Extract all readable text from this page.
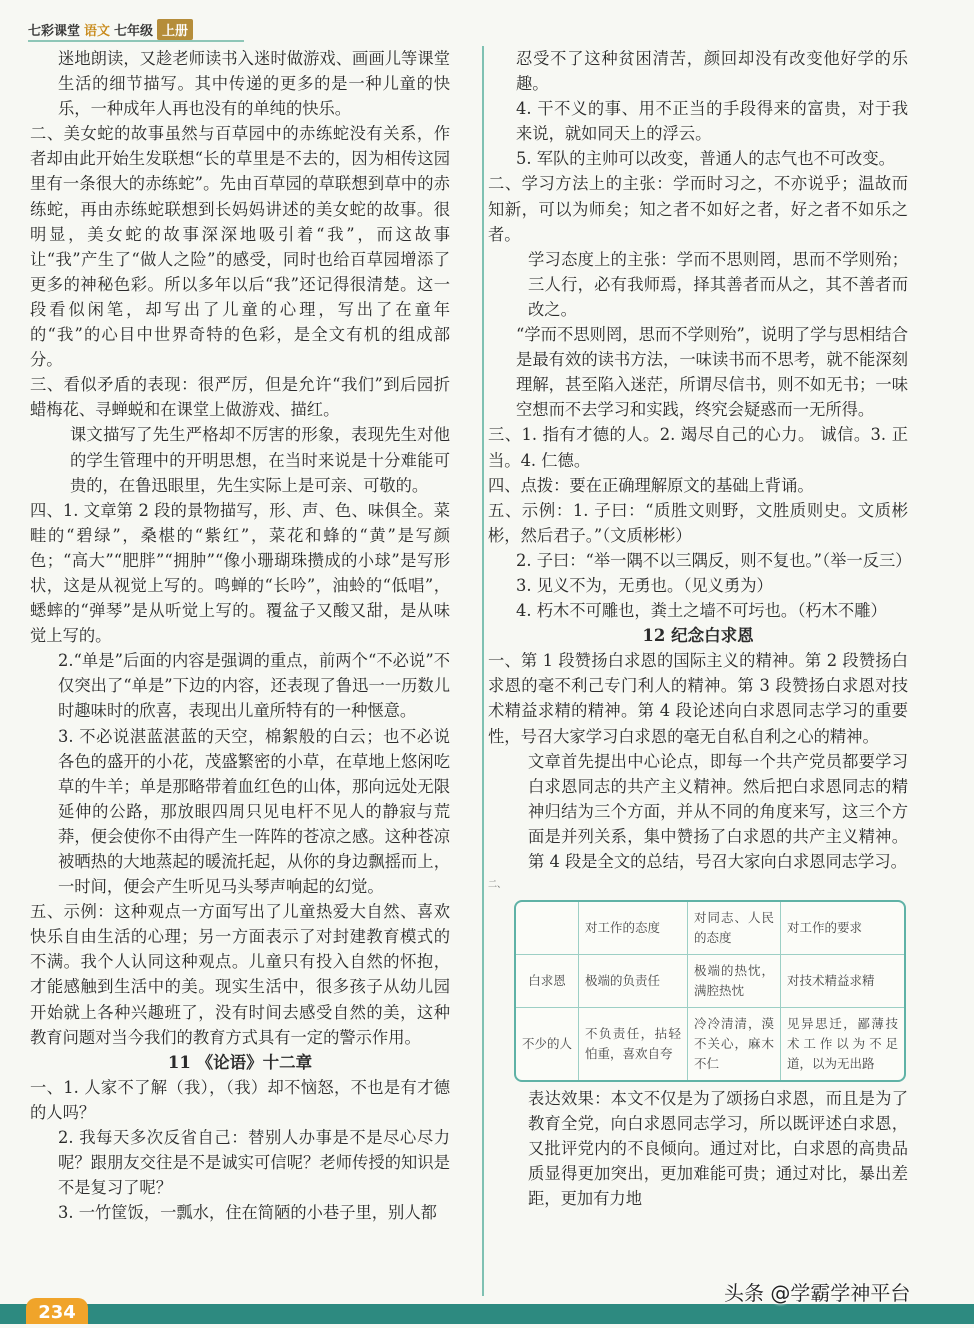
七彩课堂 语文 七年级 上册

迷地朗读，又趁老师读书入迷时做游戏、画画儿等课堂生活的细节描写。其中传递的更多的是一种儿童的快乐，一种成年人再也没有的单纯的快乐。

二、美女蛇的故事虽然与百草园中的赤练蛇没有关系，作者却由此开始生发联想“长的草里是不去的，因为相传这园里有一条很大的赤练蛇”。先由百草园的草联想到草中的赤练蛇，再由赤练蛇联想到长妈妈讲述的美女蛇的故事。很明显，美女蛇的故事深深地吸引着“我”，而这故事让“我”产生了“做人之险”的感受，同时也给百草园增添了更多的神秘色彩。所以多年以后“我”还记得很清楚。这一段看似闲笔，却写出了儿童的心理，写出了在童年的“我”的心目中世界奇特的色彩，是全文有机的组成部分。

三、看似矛盾的表现：很严厉，但是允许“我们”到后园折蜡梅花、寻蝉蜕和在课堂上做游戏、描红。

课文描写了先生严格却不厉害的形象，表现先生对他的学生管理中的开明思想，在当时来说是十分难能可贵的，在鲁迅眼里，先生实际上是可亲、可敬的。

四、1. 文章第 2 段的景物描写，形、声、色、味俱全。菜畦的“碧绿”，桑椹的“紫红”，菜花和蜂的“黄”是写颜色；“高大”“肥胖”“拥肿”“像小珊瑚珠攒成的小球”是写形状，这是从视觉上写的。鸣蝉的“长吟”，油蛉的“低唱”，蟋蟀的“弹琴”是从听觉上写的。覆盆子又酸又甜，是从味觉上写的。

2.“单是”后面的内容是强调的重点，前两个“不必说”不仅突出了“单是”下边的内容，还表现了鲁迅一一历数儿时趣味时的欣喜，表现出儿童所特有的一种惬意。

3. 不必说湛蓝湛蓝的天空，棉絮般的白云；也不必说各色的盛开的小花，茂盛繁密的小草，在草地上悠闲吃草的牛羊；单是那略带着血红色的山体，那向远处无限延伸的公路，那放眼四周只见电杆不见人的静寂与荒莽，便会使你不由得产生一阵阵的苍凉之感。这种苍凉被晒热的大地蒸起的暖流托起，从你的身边飘摇而上，一时间，便会产生听见马头琴声响起的幻觉。

五、示例：这种观点一方面写出了儿童热爱大自然、喜欢快乐自由生活的心理；另一方面表示了对封建教育模式的不满。我个人认同这种观点。儿童只有投入自然的怀抱，才能感触到生活中的美。现实生活中，很多孩子从幼儿园开始就上各种兴趣班了，没有时间去感受自然的美，这种教育问题对当今我们的教育方式具有一定的警示作用。

11 《论语》十二章

一、1. 人家不了解（我），（我）却不恼怒，不也是有才德的人吗？

2. 我每天多次反省自己：替别人办事是不是尽心尽力呢？跟朋友交往是不是诚实可信呢？老师传授的知识是不是复习了呢？

3. 一竹筐饭，一瓢水，住在简陋的小巷子里，别人都

忍受不了这种贫困清苦，颜回却没有改变他好学的乐趣。

4. 干不义的事、用不正当的手段得来的富贵，对于我来说，就如同天上的浮云。

5. 军队的主帅可以改变，普通人的志气也不可改变。

二、学习方法上的主张：学而时习之，不亦说乎；温故而知新，可以为师矣；知之者不如好之者，好之者不如乐之者。

学习态度上的主张：学而不思则罔，思而不学则殆；三人行，必有我师焉，择其善者而从之，其不善者而改之。

“学而不思则罔，思而不学则殆”，说明了学与思相结合是最有效的读书方法，一味读书而不思考，就不能深刻理解，甚至陷入迷茫，所谓尽信书，则不如无书；一味空想而不去学习和实践，终究会疑惑而一无所得。

三、1. 指有才德的人。2. 竭尽自己的心力。 诚信。3. 正当。4. 仁德。

四、点拨：要在正确理解原文的基础上背诵。

五、示例：1. 子曰：“质胜文则野，文胜质则史。文质彬彬，然后君子。”（文质彬彬）

2. 子曰：“举一隅不以三隅反，则不复也。”（举一反三）

3. 见义不为，无勇也。（见义勇为）

4. 朽木不可雕也，粪土之墙不可圬也。（朽木不雕）

12 纪念白求恩

一、第 1 段赞扬白求恩的国际主义的精神。第 2 段赞扬白求恩的毫不利己专门利人的精神。第 3 段赞扬白求恩对技术精益求精的精神。第 4 段论述向白求恩同志学习的重要性，号召大家学习白求恩的毫无自私自利之心的精神。

文章首先提出中心论点，即每一个共产党员都要学习白求恩同志的共产主义精神。然后把白求恩同志的精神归结为三个方面，并从不同的角度来写，这三个方面是并列关系，集中赞扬了白求恩的共产主义精神。第 4 段是全文的总结，号召大家向白求恩同志学习。

二、

	对工作的态度	对同志、人民的态度	对工作的要求
白求恩	极端的负责任	极端的热忱，满腔热忱	对技术精益求精
不少的人	不负责任，拈轻怕重，喜欢自夸	冷冷清清，漠不关心，麻木不仁	见异思迁，鄙薄技术工作以为不足道，以为无出路

表达效果：本文不仅是为了颂扬白求恩，而且是为了教育全党，向白求恩同志学习，所以既评述白求恩，又批评党内的不良倾向。通过对比，白求恩的高贵品质显得更加突出，更加难能可贵；通过对比，暴出差距，更加有力地

234
头条 @学霸学神平台
